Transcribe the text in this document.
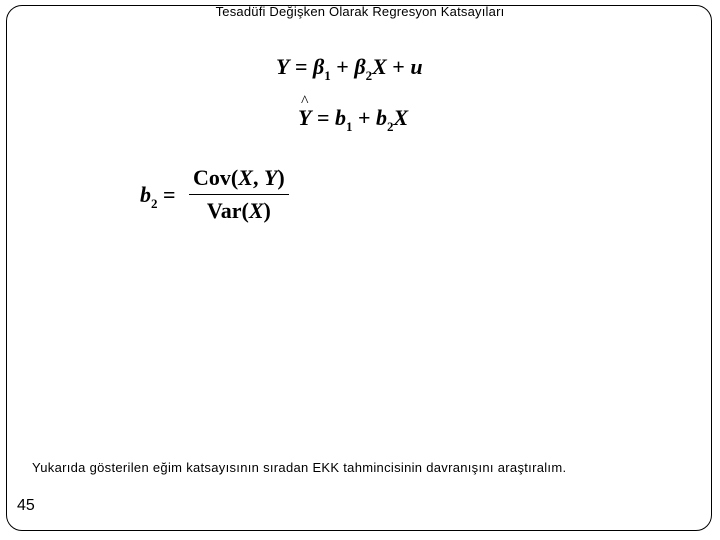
Tesadüfi Değişken Olarak Regresyon Katsayıları
$Y = \beta_1 + \beta_2X + u$
^
$Y = b_1 + b_2X$
$b_2 = \frac{\text{Cov(X, Y)}}{\text{Var(X)}}$
Yukarıda gösterilen eğim katsayısının sıradan EKK tahmincisinin davranışını araştıralım.
45
